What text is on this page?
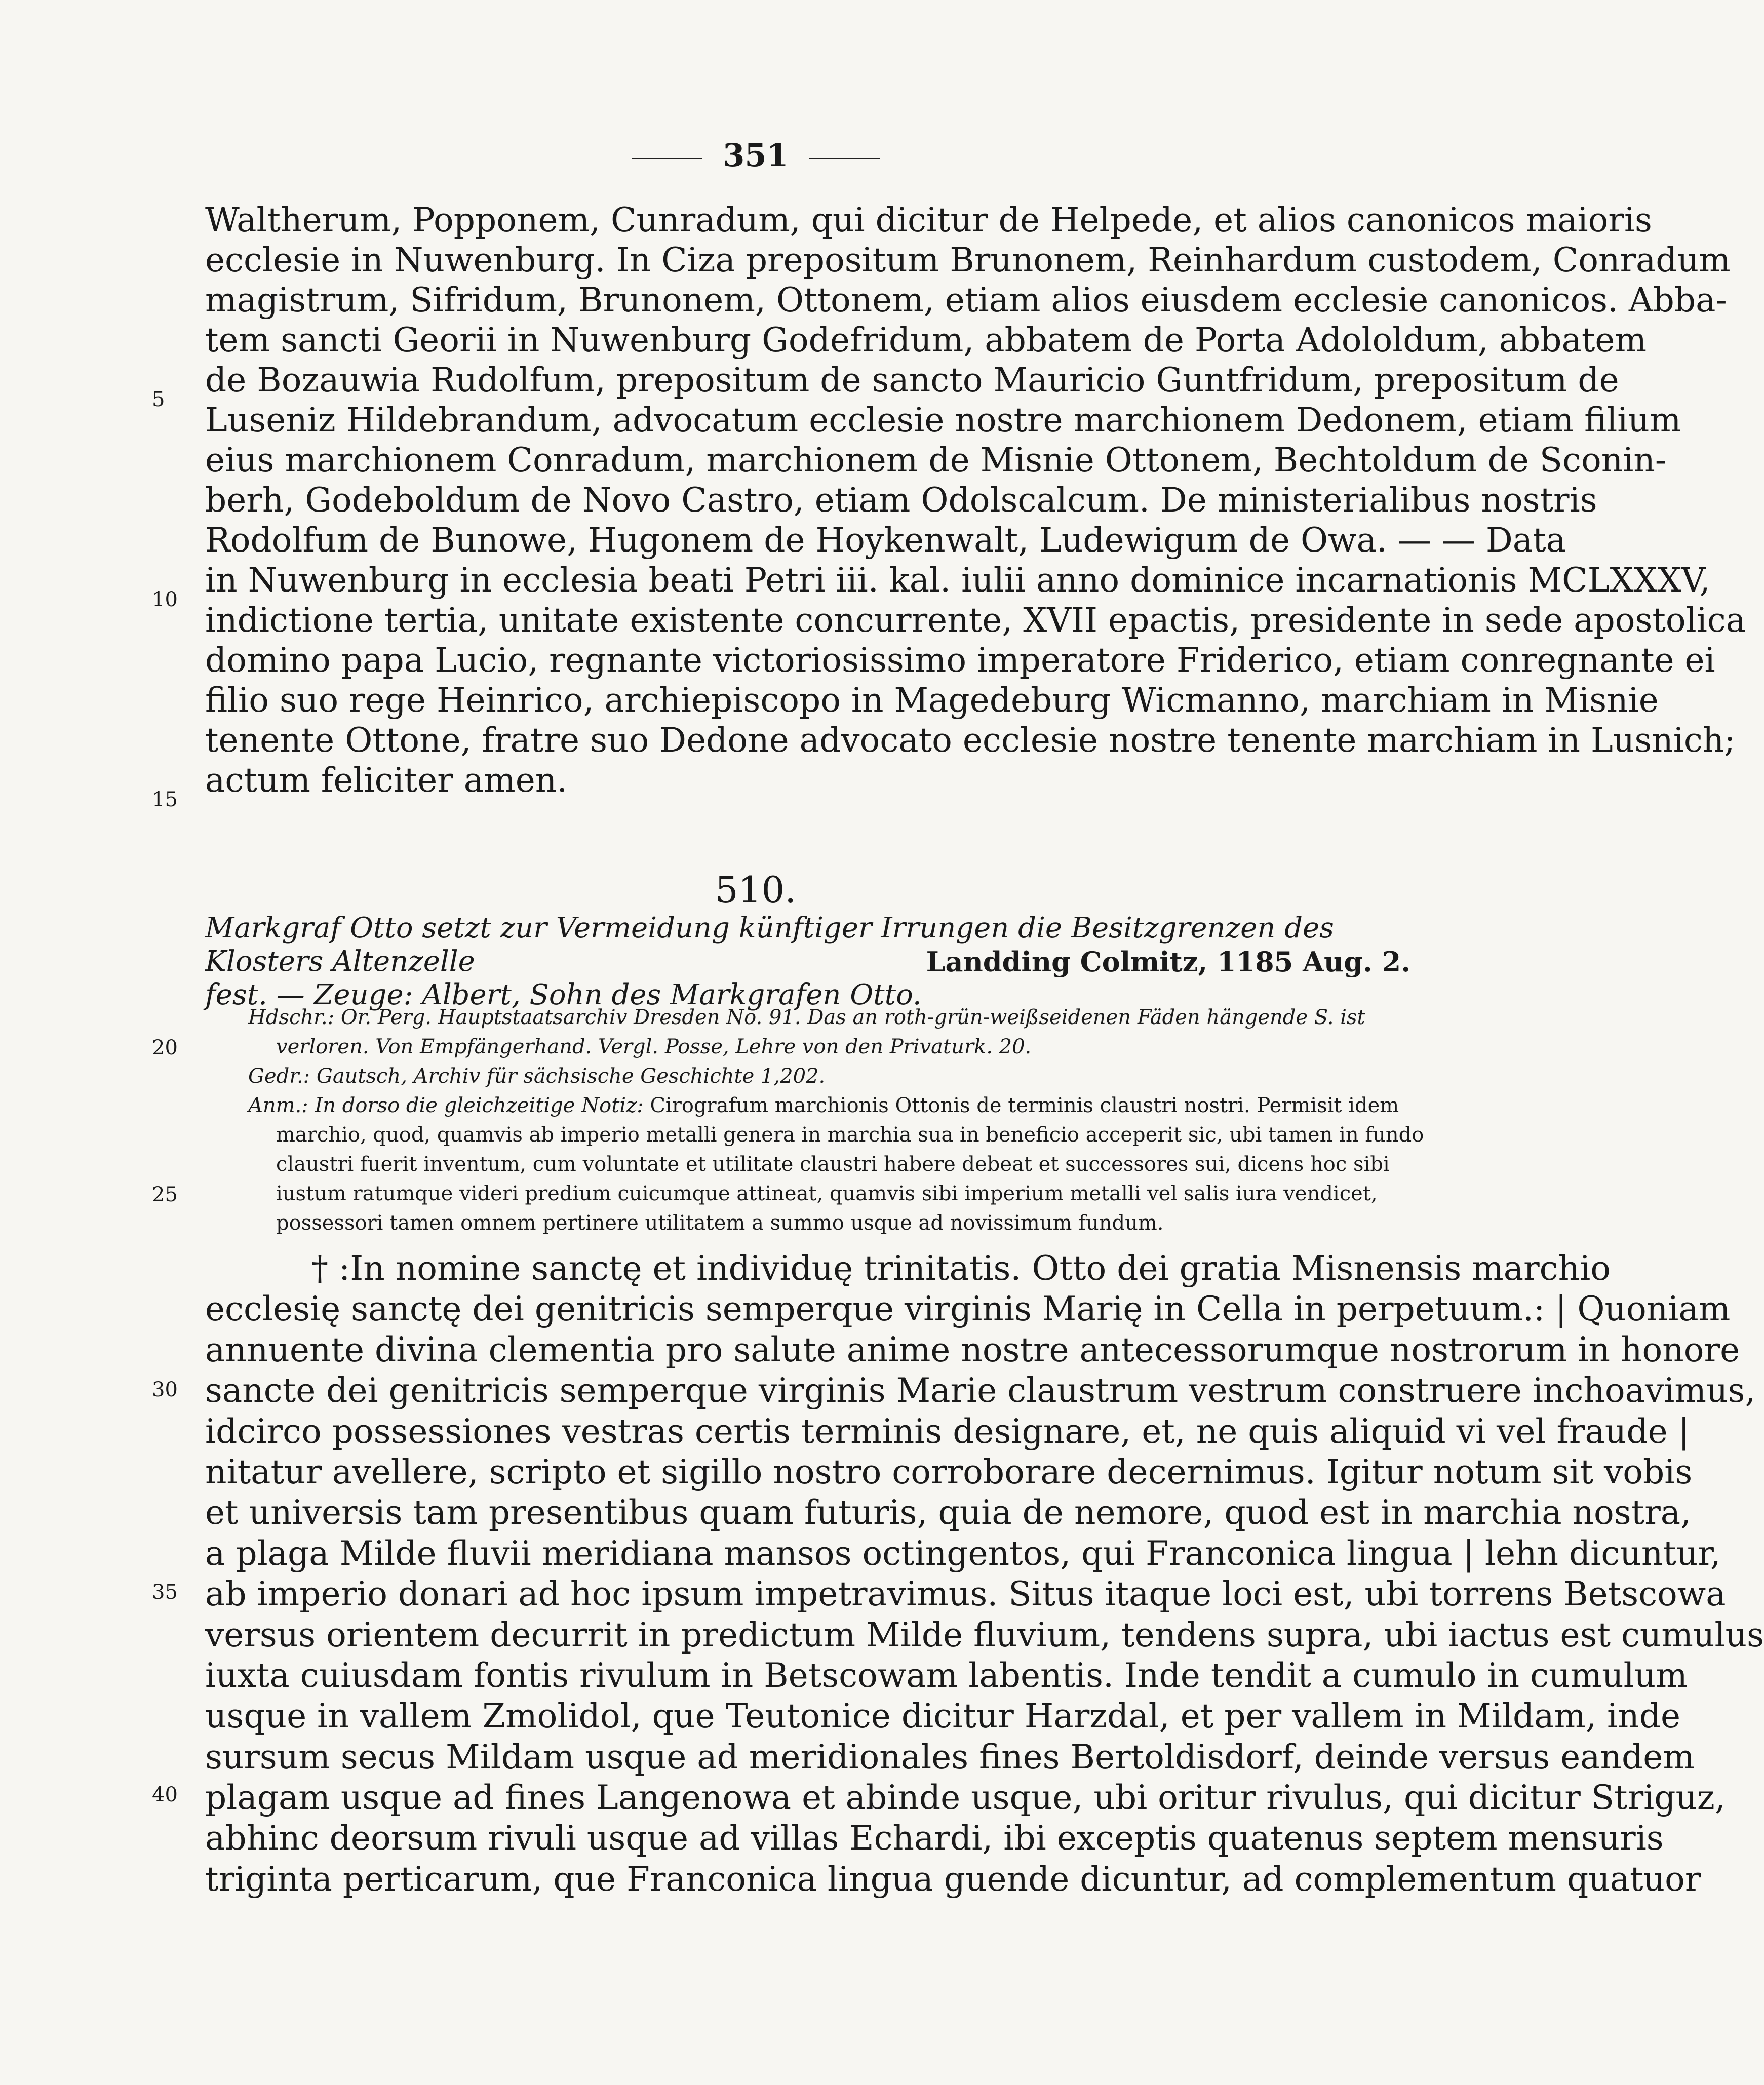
351
Waltherum, Popponem, Cunradum, qui dicitur de Helpede, et alios canonicos maioris
ecclesie in Nuwenburg. In Ciza prepositum Brunonem, Reinhardum custodem, Conradum
magistrum, Sifridum, Brunonem, Ottonem, etiam alios eiusdem ecclesie canonicos. Abba-
tem sancti Georii in Nuwenburg Godefridum, abbatem de Porta Adololdum, abbatem
de Bozauwia Rudolfum, prepositum de sancto Mauricio Guntfridum, prepositum de
Luseniz Hildebrandum, advocatum ecclesie nostre marchionem Dedonem, etiam filium
eius marchionem Conradum, marchionem de Misnie Ottonem, Bechtoldum de Sconin-
berh, Godeboldum de Novo Castro, etiam Odolscalcum. De ministerialibus nostris
Rodolfum de Bunowe, Hugonem de Hoykenwalt, Ludewigum de Owa. — — Data
in Nuwenburg in ecclesia beati Petri iii. kal. iulii anno dominice incarnationis MCLXXXV,
indictione tertia, unitate existente concurrente, XVII epactis, presidente in sede apostolica
domino papa Lucio, regnante victoriosissimo imperatore Friderico, etiam conregnante ei
filio suo rege Heinrico, archiepiscopo in Magedeburg Wicmanno, marchiam in Misnie
tenente Ottone, fratre suo Dedone advocato ecclesie nostre tenente marchiam in Lusnich;
actum feliciter amen.
5
10
15
20
25
30
35
40
510.
Markgraf Otto setzt zur Vermeidung künftiger Irrungen die Besitzgrenzen des Klosters Altenzelle
fest. — Zeuge: Albert, Sohn des Markgrafen Otto.
Landding Colmitz, 1185 Aug. 2.
Hdschr.: Or. Perg. Hauptstaatsarchiv Dresden No. 91. Das an roth-grün-weißseidenen Fäden hängende S. ist
verloren. Von Empfängerhand. Vergl. Posse, Lehre von den Privaturk. 20.
Gedr.: Gautsch, Archiv für sächsische Geschichte 1,202.
Anm.: In dorso die gleichzeitige Notiz: Cirografum marchionis Ottonis de terminis claustri nostri. Permisit idem
marchio, quod, quamvis ab imperio metalli genera in marchia sua in beneficio acceperit sic, ubi tamen in fundo
claustri fuerit inventum, cum voluntate et utilitate claustri habere debeat et successores sui, dicens hoc sibi
iustum ratumque videri predium cuicumque attineat, quamvis sibi imperium metalli vel salis iura vendicet,
possessori tamen omnem pertinere utilitatem a summo usque ad novissimum fundum.
† :In nomine sanctę et individuę trinitatis. Otto dei gratia Misnensis marchio
ecclesię sanctę dei genitricis semperque virginis Marię in Cella in perpetuum.: | Quoniam
annuente divina clementia pro salute anime nostre antecessorumque nostrorum in honore
sancte dei genitricis semperque virginis Marie claustrum vestrum construere inchoavimus,
idcirco possessiones vestras certis terminis designare, et, ne quis aliquid vi vel fraude |
nitatur avellere, scripto et sigillo nostro corroborare decernimus. Igitur notum sit vobis
et universis tam presentibus quam futuris, quia de nemore, quod est in marchia nostra,
a plaga Milde fluvii meridiana mansos octingentos, qui Franconica lingua | lehn dicuntur,
ab imperio donari ad hoc ipsum impetravimus. Situs itaque loci est, ubi torrens Betscowa
versus orientem decurrit in predictum Milde fluvium, tendens supra, ubi iactus est cumulus
iuxta cuiusdam fontis rivulum in Betscowam labentis. Inde tendit a cumulo in cumulum
usque in vallem Zmolidol, que Teutonice dicitur Harzdal, et per vallem in Mildam, inde
sursum secus Mildam usque ad meridionales fines Bertoldisdorf, deinde versus eandem
plagam usque ad fines Langenowa et abinde usque, ubi oritur rivulus, qui dicitur Striguz,
abhinc deorsum rivuli usque ad villas Echardi, ibi exceptis quatenus septem mensuris
triginta perticarum, que Franconica lingua guende dicuntur, ad complementum quatuor
